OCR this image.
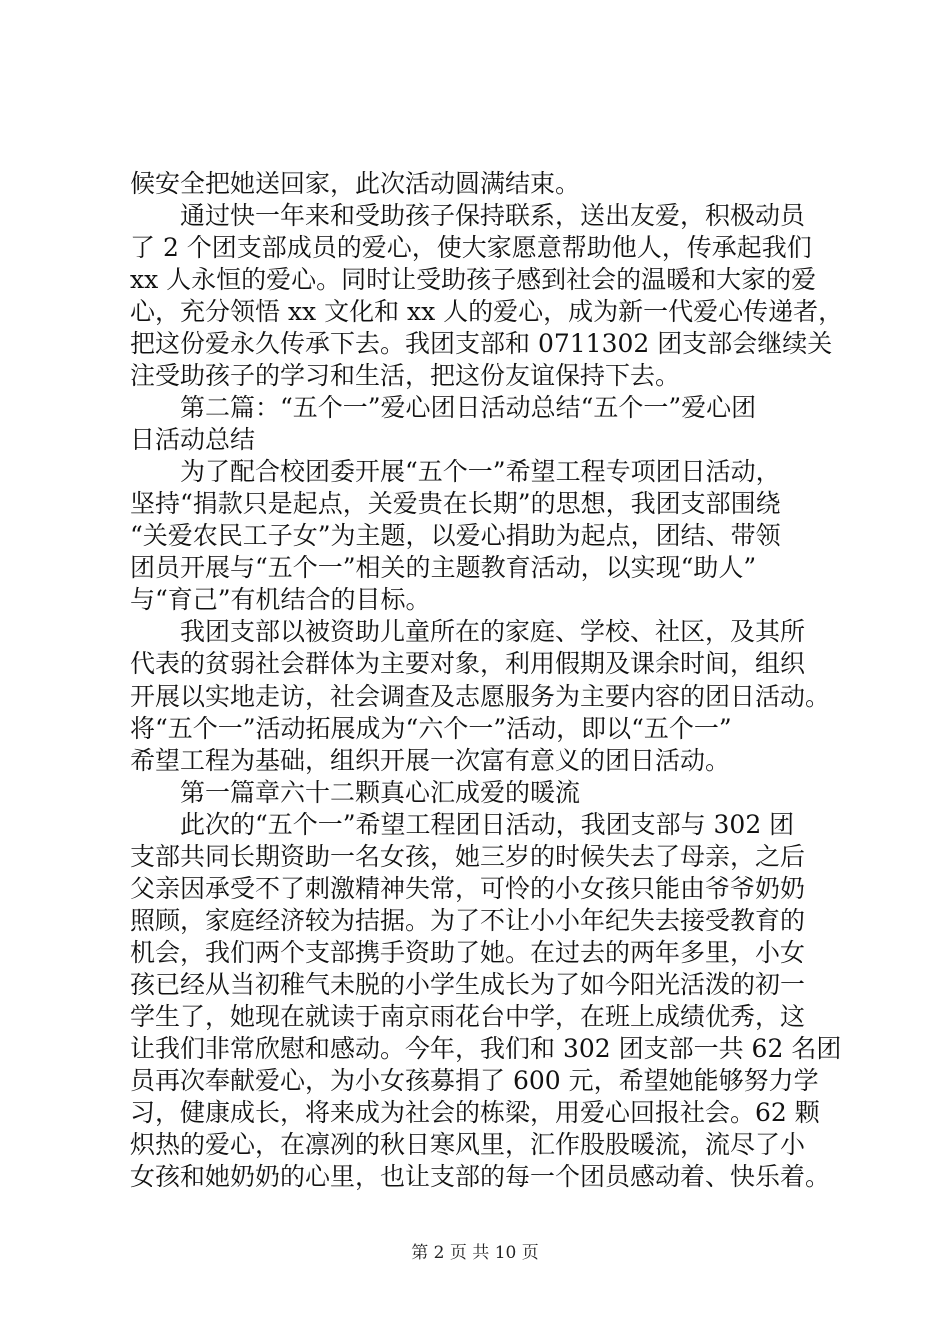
候安全把她送回家，此次活动圆满结束。
通过快一年来和受助孩子保持联系，送出友爱，积极动员
了 2 个团支部成员的爱心，使大家愿意帮助他人，传承起我们
xx 人永恒的爱心。同时让受助孩子感到社会的温暖和大家的爱
心，充分领悟 xx 文化和 xx 人的爱心，成为新一代爱心传递者，
把这份爱永久传承下去。我团支部和 0711302 团支部会继续关
注受助孩子的学习和生活，把这份友谊保持下去。
第二篇：“五个一”爱心团日活动总结“五个一”爱心团
日活动总结
为了配合校团委开展“五个一”希望工程专项团日活动，
坚持“捐款只是起点，关爱贵在长期”的思想，我团支部围绕
“关爱农民工子女”为主题，以爱心捐助为起点，团结、带领
团员开展与“五个一”相关的主题教育活动，以实现“助人”
与“育己”有机结合的目标。
我团支部以被资助儿童所在的家庭、学校、社区，及其所
代表的贫弱社会群体为主要对象，利用假期及课余时间，组织
开展以实地走访，社会调查及志愿服务为主要内容的团日活动。
将“五个一”活动拓展成为“六个一”活动，即以“五个一”
希望工程为基础，组织开展一次富有意义的团日活动。
第一篇章六十二颗真心汇成爱的暖流
此次的“五个一”希望工程团日活动，我团支部与 302 团
支部共同长期资助一名女孩，她三岁的时候失去了母亲，之后
父亲因承受不了刺激精神失常，可怜的小女孩只能由爷爷奶奶
照顾，家庭经济较为拮据。为了不让小小年纪失去接受教育的
机会，我们两个支部携手资助了她。在过去的两年多里，小女
孩已经从当初稚气未脱的小学生成长为了如今阳光活泼的初一
学生了，她现在就读于南京雨花台中学，在班上成绩优秀，这
让我们非常欣慰和感动。今年，我们和 302 团支部一共 62 名团
员再次奉献爱心，为小女孩募捐了 600 元，希望她能够努力学
习，健康成长，将来成为社会的栋梁，用爱心回报社会。62 颗
炽热的爱心，在凛冽的秋日寒风里，汇作股股暖流，流尽了小
女孩和她奶奶的心里，也让支部的每一个团员感动着、快乐着。
第 2 页 共 10 页
